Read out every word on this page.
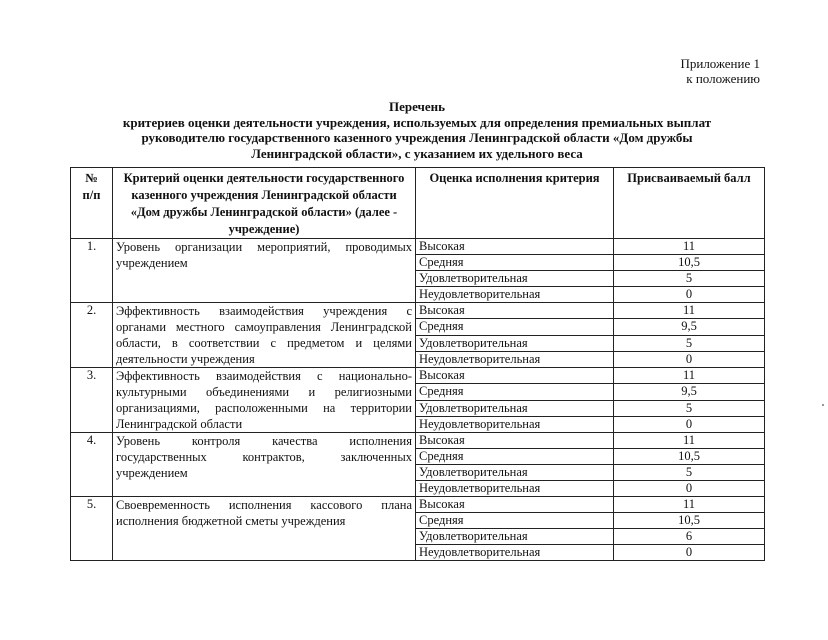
Приложение 1
к положению
Перечень
критериев оценки деятельности учреждения, используемых для определения премиальных выплат
руководителю государственного казенного учреждения Ленинградской области «Дом дружбы
Ленинградской области», с указанием их удельного веса
№
п/п	Критерий оценки деятельности государственного казенного учреждения Ленинградской области «Дом дружбы Ленинградской области» (далее - учреждение)	Оценка исполнения критерия	Присваиваемый балл
1.	Уровень организации мероприятий, проводимых учреждением	Высокая	11
		Средняя	10,5
		Удовлетворительная	5
		Неудовлетворительная	0
2.	Эффективность взаимодействия учреждения с органами местного самоуправления Ленинградской области, в соответствии с предметом и целями деятельности учреждения	Высокая	11
		Средняя	9,5
		Удовлетворительная	5
		Неудовлетворительная	0
3.	Эффективность взаимодействия с национально-культурными объединениями и религиозными организациями, расположенными на территории Ленинградской области	Высокая	11
		Средняя	9,5
		Удовлетворительная	5
		Неудовлетворительная	0
4.	Уровень контроля качества исполнения государственных контрактов, заключенных учреждением	Высокая	11
		Средняя	10,5
		Удовлетворительная	5
		Неудовлетворительная	0
5.	Своевременность исполнения кассового плана исполнения бюджетной сметы учреждения	Высокая	11
		Средняя	10,5
		Удовлетворительная	6
		Неудовлетворительная	0
